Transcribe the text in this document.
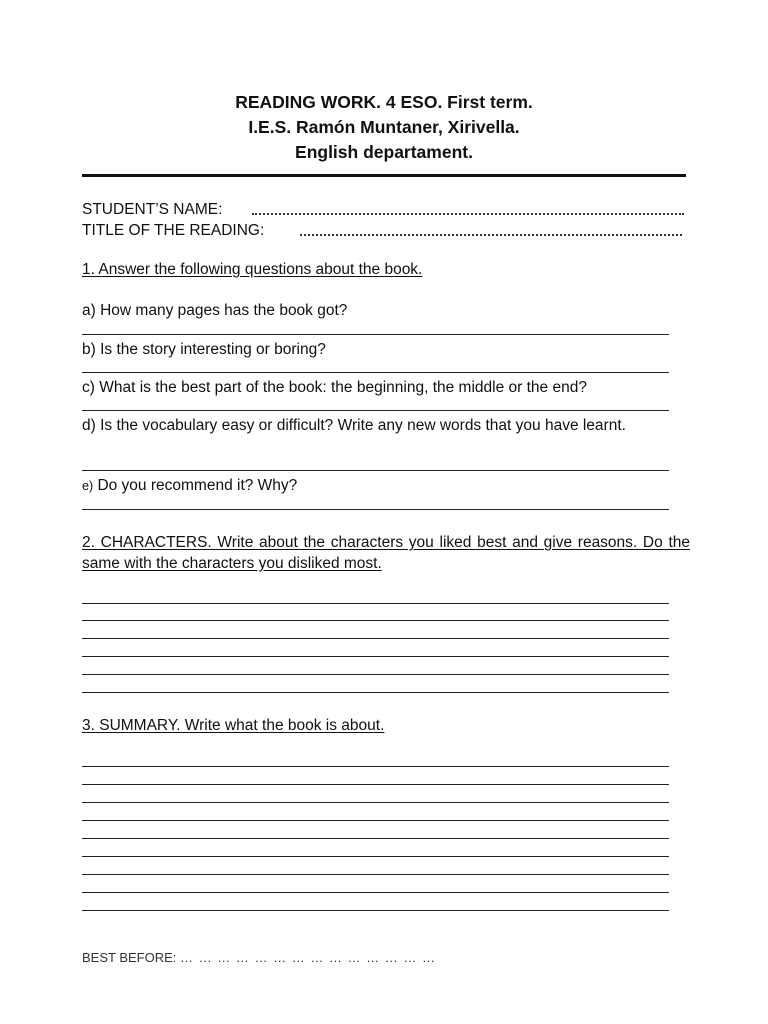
READING WORK. 4 ESO. First term.
I.E.S. Ramón Muntaner, Xirivella.
English departament.
STUDENT’S NAME:
TITLE OF THE READING:
1. Answer the following questions about the book.
a) How many pages has the book got?
b) Is the story interesting or boring?
c) What is the best part of the book: the beginning, the middle or the end?
d) Is the vocabulary easy or difficult? Write any new words that you have learnt.
e) Do you recommend it? Why?
2. CHARACTERS. Write about the characters you liked best and give reasons. Do the same with the characters you disliked most.
3. SUMMARY. Write what the book is about.
BEST BEFORE: … … … … … … … … … … … … … …
